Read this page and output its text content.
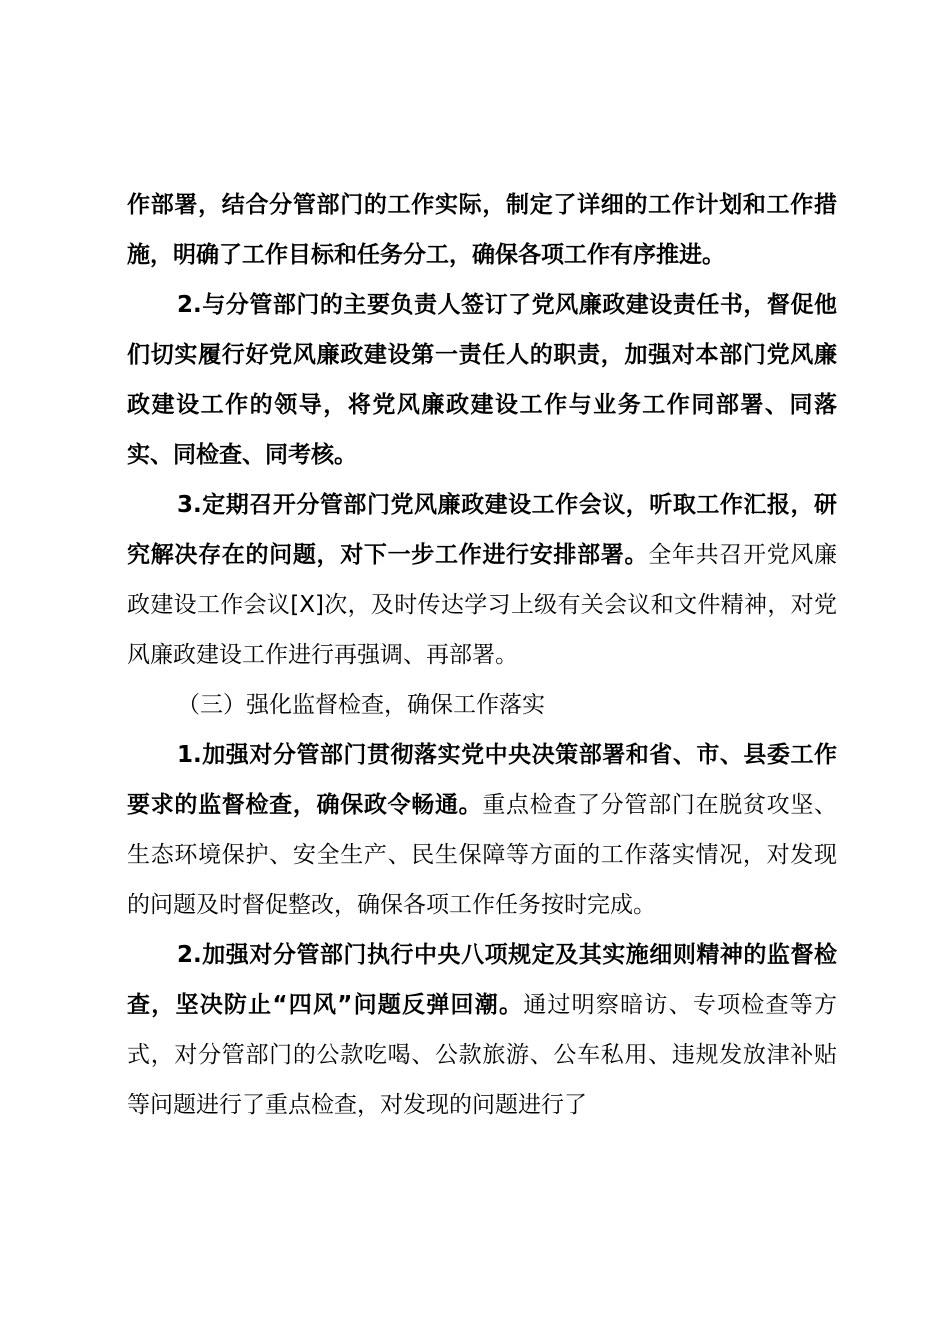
作部署，结合分管部门的工作实际，制定了详细的工作计划和工作措施，明确了工作目标和任务分工，确保各项工作有序推进。

2.与分管部门的主要负责人签订了党风廉政建设责任书，督促他们切实履行好党风廉政建设第一责任人的职责，加强对本部门党风廉政建设工作的领导，将党风廉政建设工作与业务工作同部署、同落实、同检查、同考核。

3.定期召开分管部门党风廉政建设工作会议，听取工作汇报，研究解决存在的问题，对下一步工作进行安排部署。全年共召开党风廉政建设工作会议[X]次，及时传达学习上级有关会议和文件精神，对党风廉政建设工作进行再强调、再部署。

（三）强化监督检查，确保工作落实

1.加强对分管部门贯彻落实党中央决策部署和省、市、县委工作要求的监督检查，确保政令畅通。重点检查了分管部门在脱贫攻坚、生态环境保护、安全生产、民生保障等方面的工作落实情况，对发现的问题及时督促整改，确保各项工作任务按时完成。

2.加强对分管部门执行中央八项规定及其实施细则精神的监督检查，坚决防止“四风”问题反弹回潮。通过明察暗访、专项检查等方式，对分管部门的公款吃喝、公款旅游、公车私用、违规发放津补贴等问题进行了重点检查，对发现的问题进行了
